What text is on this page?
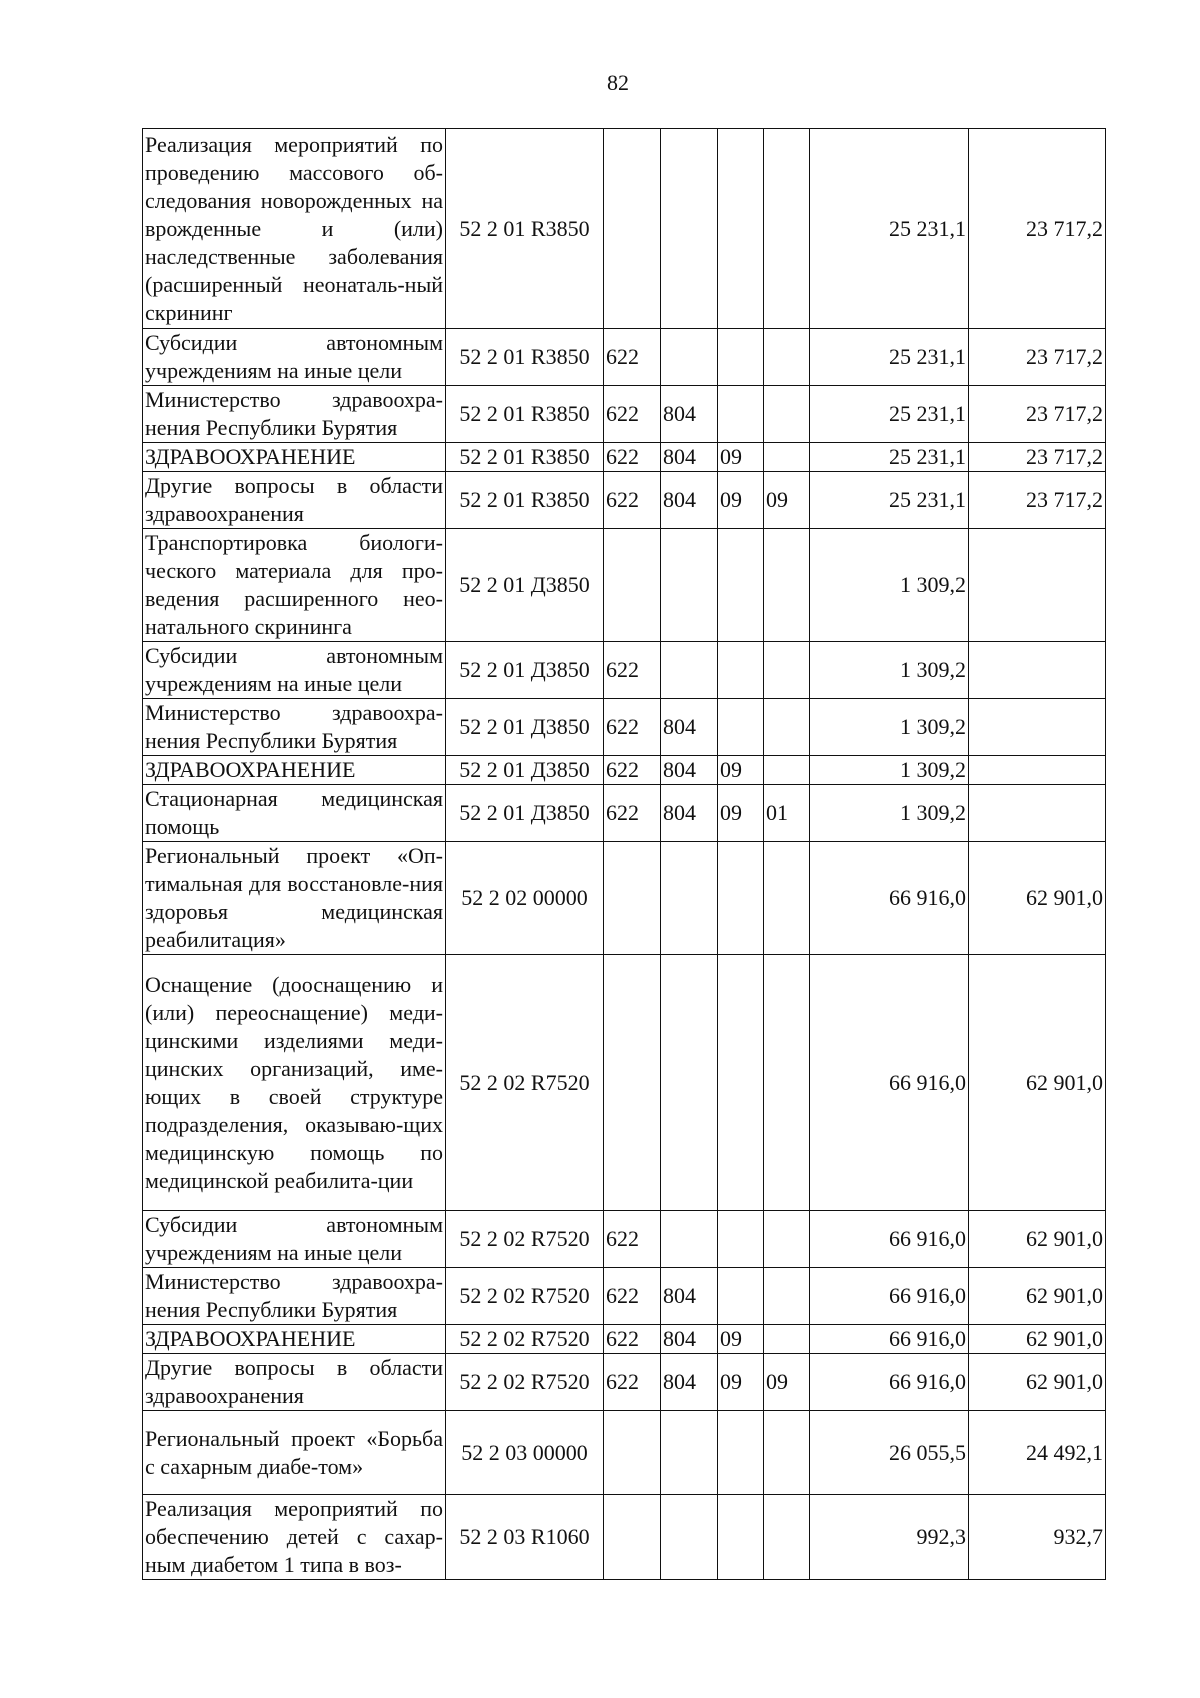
82
Реализация мероприятий по проведению массового об-следования новорожденных на врожденные и (или) наследственные заболевания (расширенный неонаталь-ный скрининг	52 2 01 R3850					25 231,1	23 717,2
Субсидии автономным учреждениям на иные цели	52 2 01 R3850	622				25 231,1	23 717,2
Министерство здравоохра-нения Республики Бурятия	52 2 01 R3850	622	804			25 231,1	23 717,2
ЗДРАВООХРАНЕНИЕ	52 2 01 R3850	622	804	09		25 231,1	23 717,2
Другие вопросы в области здравоохранения	52 2 01 R3850	622	804	09	09	25 231,1	23 717,2
Транспортировка биологи-ческого материала для про-ведения расширенного нео-натального скрининга	52 2 01 Д3850					1 309,2	
Субсидии автономным учреждениям на иные цели	52 2 01 Д3850	622				1 309,2	
Министерство здравоохра-нения Республики Бурятия	52 2 01 Д3850	622	804			1 309,2	
ЗДРАВООХРАНЕНИЕ	52 2 01 Д3850	622	804	09		1 309,2	
Стационарная медицинская помощь	52 2 01 Д3850	622	804	09	01	1 309,2	
Региональный проект «Оп-тимальная для восстановле-ния здоровья медицинская реабилитация»	52 2 02 00000					66 916,0	62 901,0
Оснащение (дооснащению и (или) переоснащение) меди-цинскими изделиями меди-цинских организаций, име-ющих в своей структуре подразделения, оказываю-щих медицинскую помощь по медицинской реабилита-ции	52 2 02 R7520					66 916,0	62 901,0
Субсидии автономным учреждениям на иные цели	52 2 02 R7520	622				66 916,0	62 901,0
Министерство здравоохра-нения Республики Бурятия	52 2 02 R7520	622	804			66 916,0	62 901,0
ЗДРАВООХРАНЕНИЕ	52 2 02 R7520	622	804	09		66 916,0	62 901,0
Другие вопросы в области здравоохранения	52 2 02 R7520	622	804	09	09	66 916,0	62 901,0
Региональный проект «Борьба с сахарным диабе-том»	52 2 03 00000					26 055,5	24 492,1
Реализация мероприятий по обеспечению детей с сахар-ным диабетом 1 типа в воз-	52 2 03 R1060					992,3	932,7
